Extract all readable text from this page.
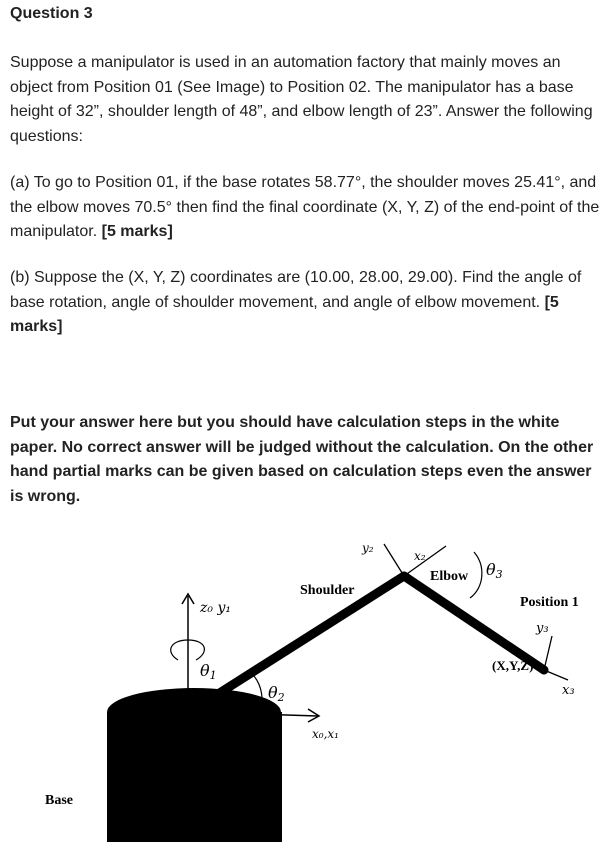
Question 3
Suppose a manipulator is used in an automation factory that mainly moves an object from Position 01 (See Image) to Position 02. The manipulator has a base height of 32”, shoulder length of 48”, and elbow length of 23”. Answer the following questions:
(a) To go to Position 01, if the base rotates 58.77°, the shoulder moves 25.41°, and the elbow moves 70.5° then find the final coordinate (X, Y, Z) of the end-point of the manipulator. [5 marks]
(b) Suppose the (X, Y, Z) coordinates are (10.00, 28.00, 29.00). Find the angle of base rotation, angle of shoulder movement, and angle of elbow movement. [5 marks]
Put your answer here but you should have calculation steps in the white paper. No correct answer will be judged without the calculation. On the other hand partial marks can be given based on calculation steps even the answer is wrong.
Shoulder
Elbow
Position 1
(X,Y,Z)
Base
z₀ y₁
θ1
θ2
θ3
x₀,x₁
y₂
x₂
y₃
x₃
